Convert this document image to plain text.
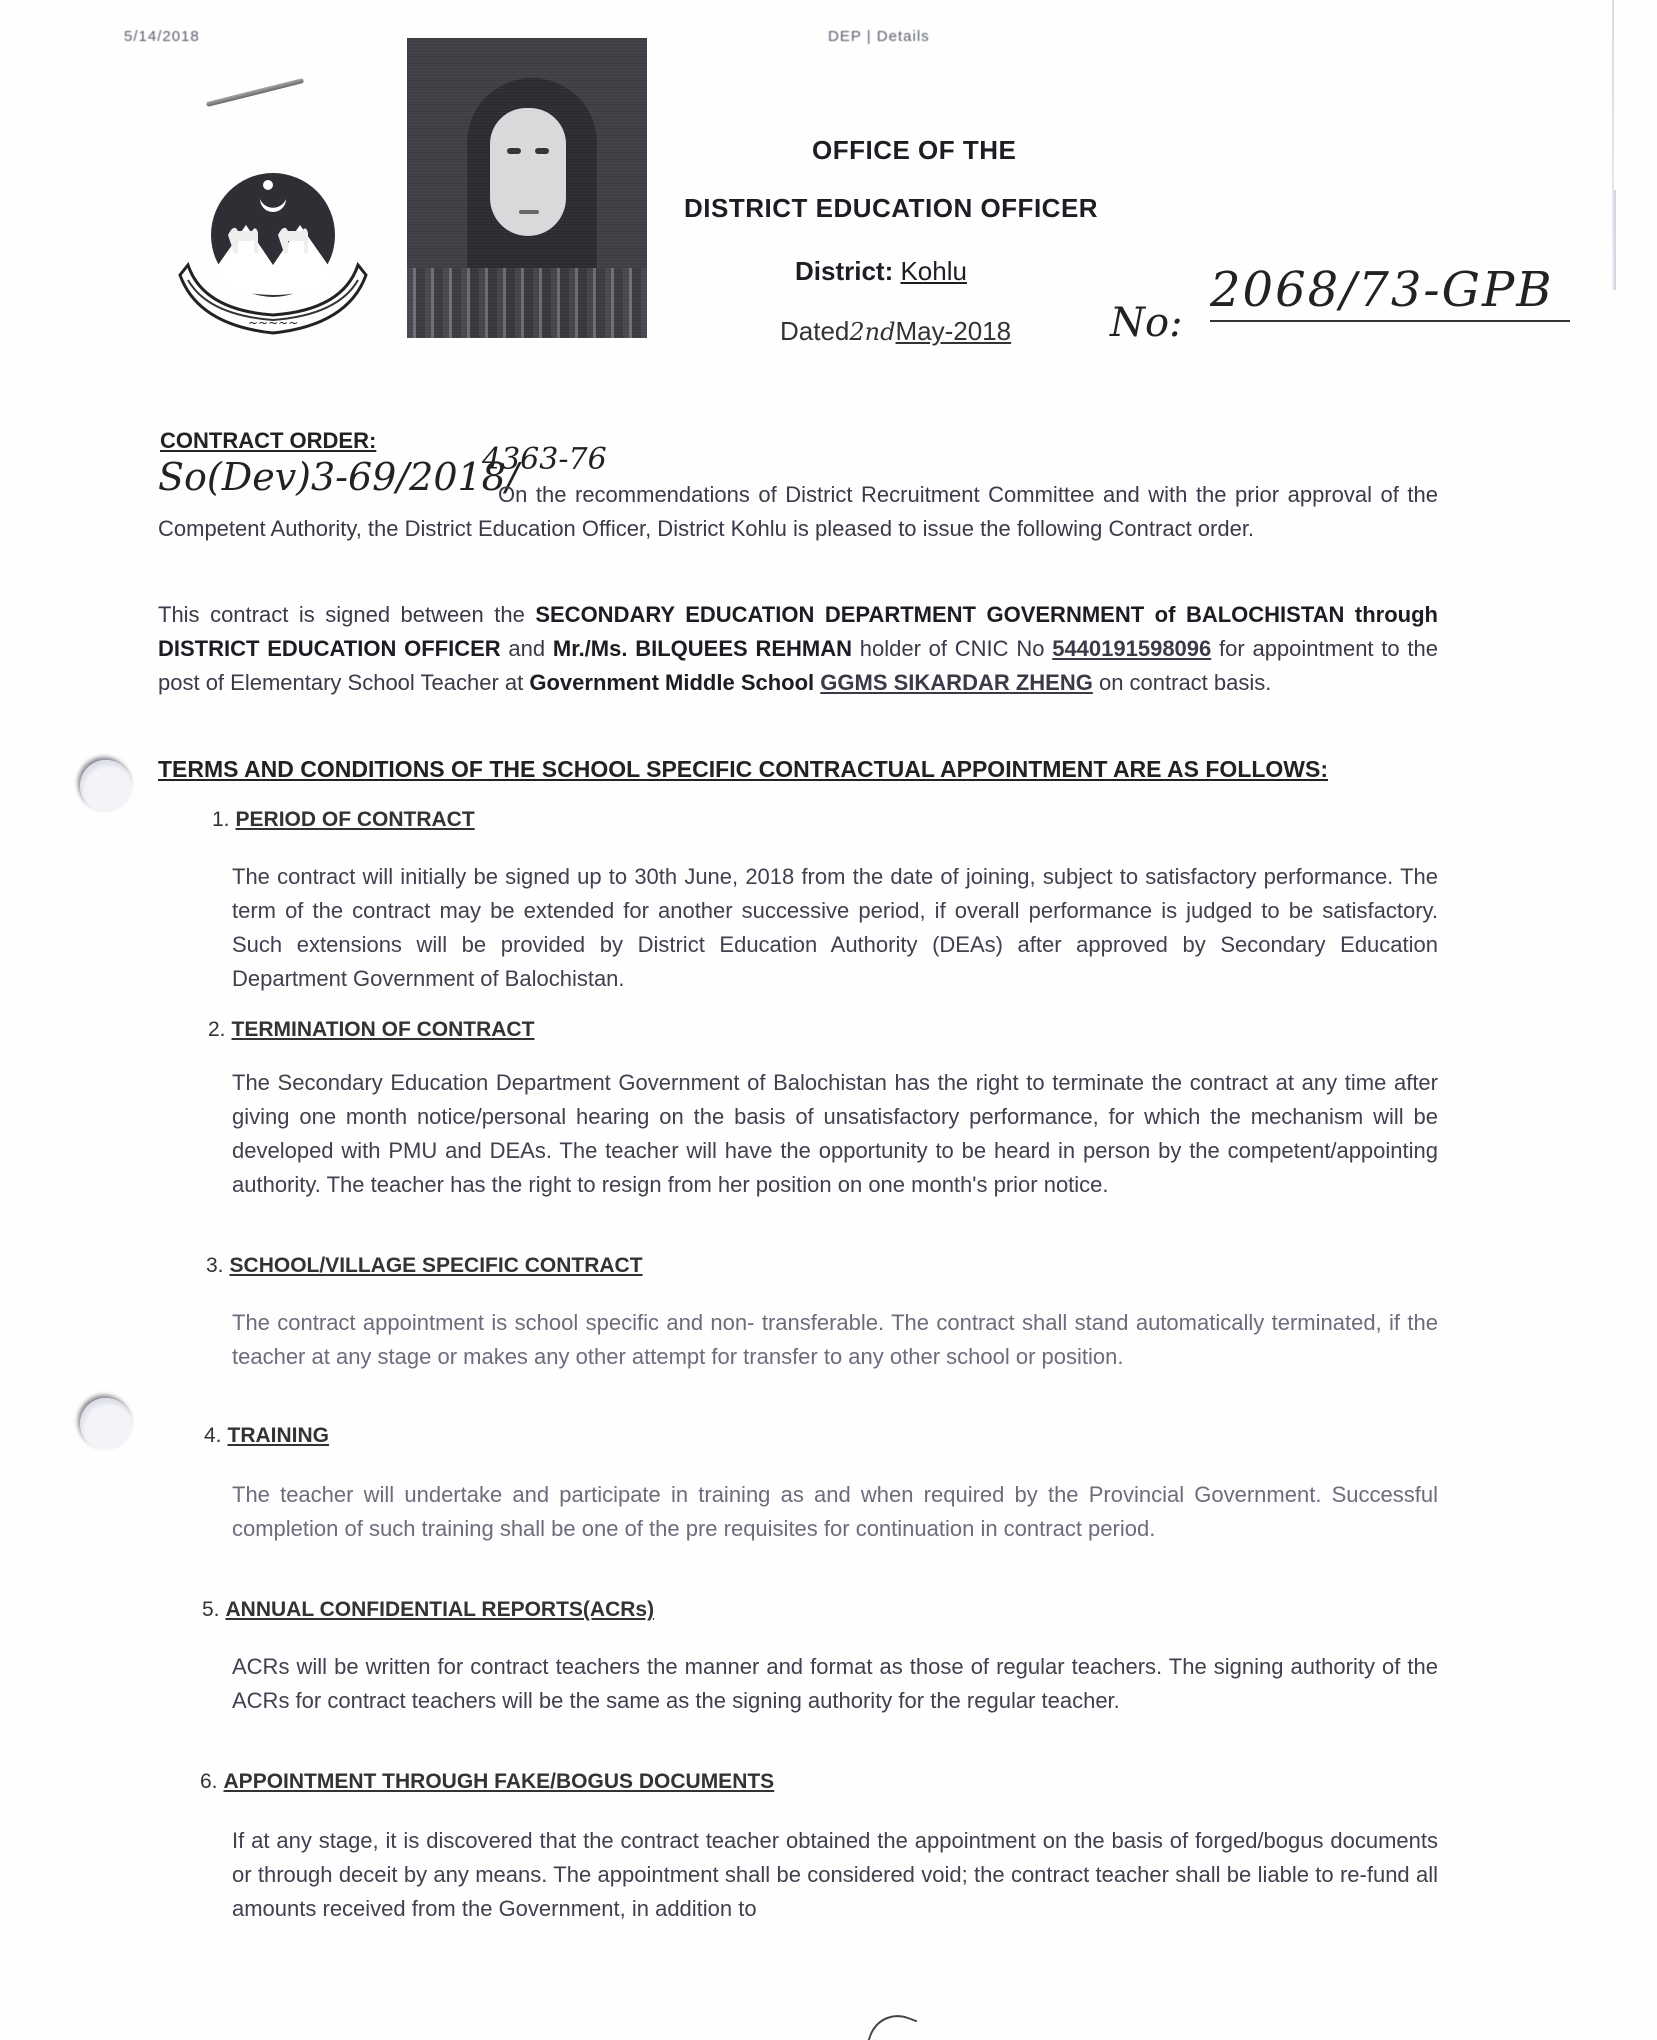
5/14/2018	DEP | Details
~~~~~
OFFICE OF THE
DISTRICT EDUCATION OFFICER
District: Kohlu
Dated2ndMay-2018 No:
2068/73-GPB
CONTRACT ORDER:
So(Dev)3-69/2018/
4363-76
On the recommendations of District Recruitment Committee and with the prior approval of the Competent Authority, the District Education Officer, District Kohlu is pleased to issue the following Contract order.
This contract is signed between the SECONDARY EDUCATION DEPARTMENT GOVERNMENT of BALOCHISTAN through DISTRICT EDUCATION OFFICER and Mr./Ms. BILQUEES REHMAN holder of CNIC No 5440191598096 for appointment to the post of Elementary School Teacher at Government Middle School GGMS SIKARDAR ZHENG on contract basis.
TERMS AND CONDITIONS OF THE SCHOOL SPECIFIC CONTRACTUAL APPOINTMENT ARE AS FOLLOWS:
1. PERIOD OF CONTRACT
The contract will initially be signed up to 30th June, 2018 from the date of joining, subject to satisfactory performance. The term of the contract may be extended for another successive period, if overall performance is judged to be satisfactory. Such extensions will be provided by District Education Authority (DEAs) after approved by Secondary Education Department Government of Balochistan.
2. TERMINATION OF CONTRACT
The Secondary Education Department Government of Balochistan has the right to terminate the contract at any time after giving one month notice/personal hearing on the basis of unsatisfactory performance, for which the mechanism will be developed with PMU and DEAs. The teacher will have the opportunity to be heard in person by the competent/appointing authority. The teacher has the right to resign from her position on one month's prior notice.
3. SCHOOL/VILLAGE SPECIFIC CONTRACT
The contract appointment is school specific and non- transferable. The contract shall stand automatically terminated, if the teacher at any stage or makes any other attempt for transfer to any other school or position.
4. TRAINING
The teacher will undertake and participate in training as and when required by the Provincial Government. Successful completion of such training shall be one of the pre requisites for continuation in contract period.
5. ANNUAL CONFIDENTIAL REPORTS(ACRs)
ACRs will be written for contract teachers the manner and format as those of regular teachers. The signing authority of the ACRs for contract teachers will be the same as the signing authority for the regular teacher.
6. APPOINTMENT THROUGH FAKE/BOGUS DOCUMENTS
If at any stage, it is discovered that the contract teacher obtained the appointment on the basis of forged/bogus documents or through deceit by any means. The appointment shall be considered void; the contract teacher shall be liable to re-fund all amounts received from the Government, in addition to
